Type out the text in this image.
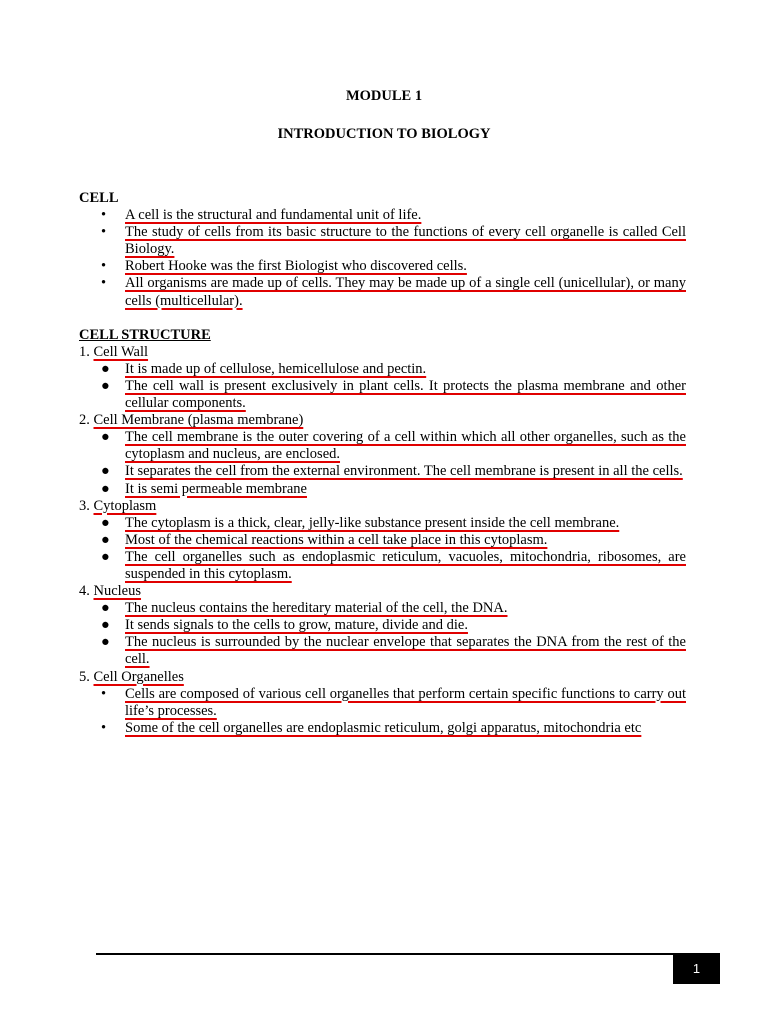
MODULE 1
INTRODUCTION TO BIOLOGY

CELL

• A cell is the structural and fundamental unit of life.
• The study of cells from its basic structure to the functions of every cell organelle is called Cell Biology.
• Robert Hooke was the first Biologist who discovered cells.
• All organisms are made up of cells. They may be made up of a single cell (unicellular), or many cells (multicellular).

CELL STRUCTURE

1. Cell Wall

● It is made up of cellulose, hemicellulose and pectin.
● The cell wall is present exclusively in plant cells. It protects the plasma membrane and other cellular components.

2. Cell Membrane (plasma membrane)

● The cell membrane is the outer covering of a cell within which all other organelles, such as the cytoplasm and nucleus, are enclosed.
● It separates the cell from the external environment. The cell membrane is present in all the cells.
● It is semi permeable membrane

3. Cytoplasm

● The cytoplasm is a thick, clear, jelly-like substance present inside the cell membrane.
● Most of the chemical reactions within a cell take place in this cytoplasm.
● The cell organelles such as endoplasmic reticulum, vacuoles, mitochondria, ribosomes, are suspended in this cytoplasm.

4. Nucleus

● The nucleus contains the hereditary material of the cell, the DNA.
● It sends signals to the cells to grow, mature, divide and die.
● The nucleus is surrounded by the nuclear envelope that separates the DNA from the rest of the cell.

5. Cell Organelles

• Cells are composed of various cell organelles that perform certain specific functions to carry out life’s processes.
• Some of the cell organelles are endoplasmic reticulum, golgi apparatus, mitochondria etc
1
